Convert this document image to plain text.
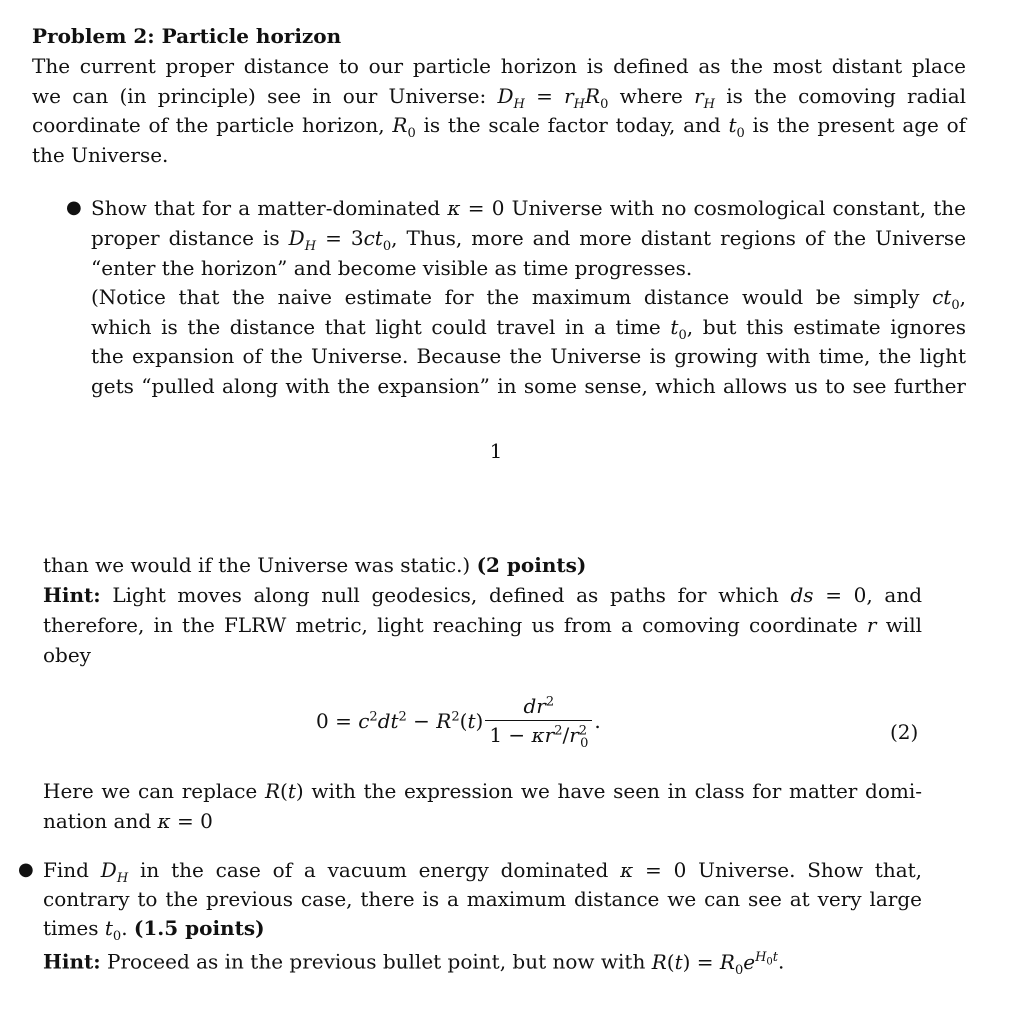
Problem 2: Particle horizon
The current proper distance to our particle horizon is defined as the most distant place
we can (in principle) see in our Universe: $D_H = r_HR_0$ where $r_H$ is the comoving radial
coordinate of the particle horizon, $R_0$ is the scale factor today, and $t_0$ is the present age of
the Universe.
● Show that for a matter-dominated κ = 0 Universe with no cosmological constant, the
proper distance is $D_H = 3ct_0$, Thus, more and more distant regions of the Universe
“enter the horizon” and become visible as time progresses.
(Notice that the naive estimate for the maximum distance would be simply $ct_0$,
which is the distance that light could travel in a time $t_0$, but this estimate ignores
the expansion of the Universe. Because the Universe is growing with time, the light
gets “pulled along with the expansion” in some sense, which allows us to see further
1
than we would if the Universe was static.) (2 points)
Hint: Light moves along null geodesics, defined as paths for which ds = 0, and
therefore, in the FLRW metric, light reaching us from a comoving coordinate r will
obey
$0 = c^2dt^2 - R^2(t) \frac{dr^2}{1 - \kappa r^2/r^2_0}$ .	(2)
Here we can replace R(t) with the expression we have seen in class for matter domi-
nation and κ = 0
● Find $D_H$ in the case of a vacuum energy dominated κ = 0 Universe. Show that,
contrary to the previous case, there is a maximum distance we can see at very large
times $t_0$. (1.5 points)
Hint: Proceed as in the previous bullet point, but now with $R(t) = R_0e^{H_0t}$.
